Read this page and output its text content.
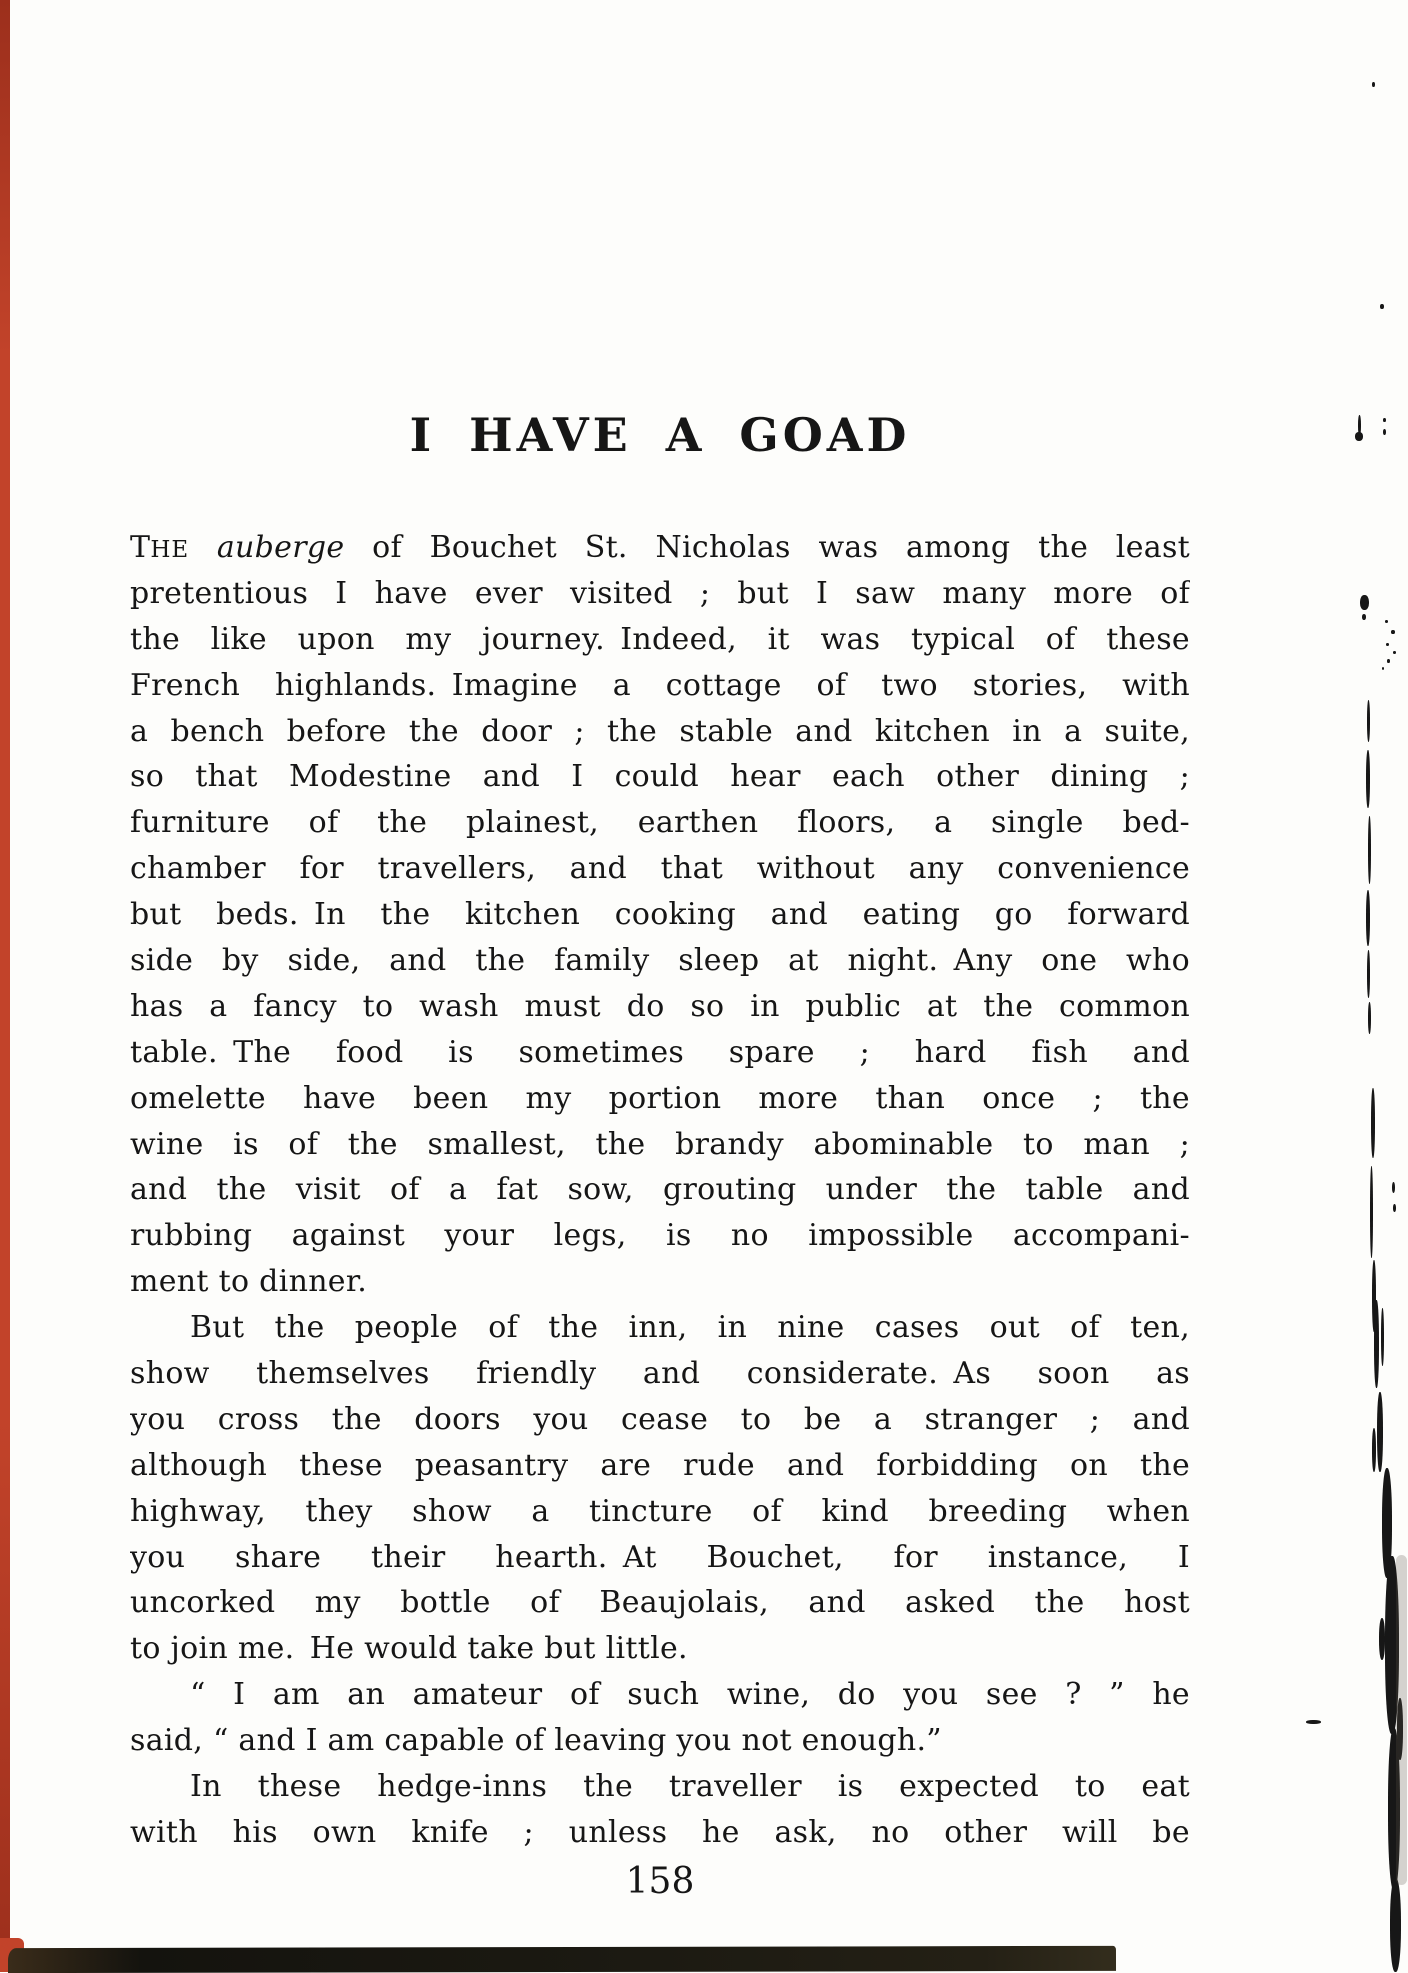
I HAVE A GOAD
THE auberge of Bouchet St. Nicholas was among the least
pretentious I have ever visited ; but I saw many more of
the like upon my journey. Indeed, it was typical of these
French highlands. Imagine a cottage of two stories, with
a bench before the door ; the stable and kitchen in a suite,
so that Modestine and I could hear each other dining ;
furniture of the plainest, earthen floors, a single bed-
chamber for travellers, and that without any convenience
but beds. In the kitchen cooking and eating go forward
side by side, and the family sleep at night. Any one who
has a fancy to wash must do so in public at the common
table. The food is sometimes spare ; hard fish and
omelette have been my portion more than once ; the
wine is of the smallest, the brandy abominable to man ;
and the visit of a fat sow, grouting under the table and
rubbing against your legs, is no impossible accompani-
ment to dinner.
But the people of the inn, in nine cases out of ten,
show themselves friendly and considerate. As soon as
you cross the doors you cease to be a stranger ; and
although these peasantry are rude and forbidding on the
highway, they show a tincture of kind breeding when
you share their hearth. At Bouchet, for instance, I
uncorked my bottle of Beaujolais, and asked the host
to join me. He would take but little.
“ I am an amateur of such wine, do you see ? ” he
said, “ and I am capable of leaving you not enough.”
In these hedge-inns the traveller is expected to eat
with his own knife ; unless he ask, no other will be
158
